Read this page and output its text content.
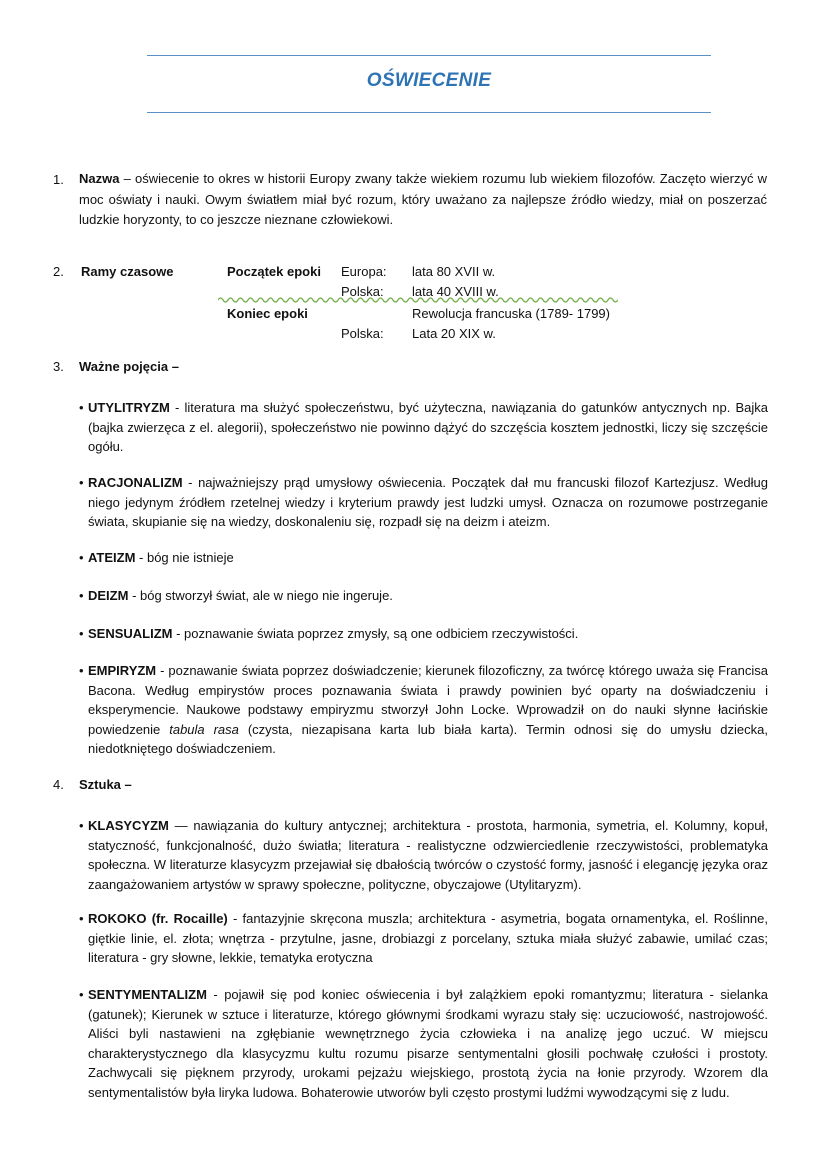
OŚWIECENIE
1. Nazwa – oświecenie to okres w historii Europy zwany także wiekiem rozumu lub wiekiem filozofów. Zaczęto wierzyć w moc oświaty i nauki. Owym światłem miał być rozum, który uważano za najlepsze źródło wiedzy, miał on poszerzać ludzkie horyzonty, to co jeszcze nieznane człowiekowi.
2. Ramy czasowe	Początek epoki Europa: lata 80 XVII w.
Polska: lata 40 XVIII w.
Koniec epoki	Rewolucja francuska (1789- 1799)
Polska: Lata 20 XIX w.
3. Ważne pojęcia –
• UTYLITRYZM - literatura ma służyć społeczeństwu, być użyteczna, nawiązania do gatunków antycznych np. Bajka (bajka zwierzęca z el. alegorii), społeczeństwo nie powinno dążyć do szczęścia kosztem jednostki, liczy się szczęście ogółu.
• RACJONALIZM - najważniejszy prąd umysłowy oświecenia. Początek dał mu francuski filozof Kartezjusz. Według niego jedynym źródłem rzetelnej wiedzy i kryterium prawdy jest ludzki umysł. Oznacza on rozumowe postrzeganie świata, skupianie się na wiedzy, doskonaleniu się, rozpadł się na deizm i ateizm.
• ATEIZM - bóg nie istnieje
• DEIZM - bóg stworzył świat, ale w niego nie ingeruje.
• SENSUALIZM - poznawanie świata poprzez zmysły, są one odbiciem rzeczywistości.
• EMPIRYZM - poznawanie świata poprzez doświadczenie; kierunek filozoficzny, za twórcę którego uważa się Francisa Bacona. Według empirystów proces poznawania świata i prawdy powinien być oparty na doświadczeniu i eksperymencie. Naukowe podstawy empiryzmu stworzył John Locke. Wprowadził on do nauki słynne łacińskie powiedzenie tabula rasa (czysta, niezapisana karta lub biała karta). Termin odnosi się do umysłu dziecka, niedotkniętego doświadczeniem.
4. Sztuka –
• KLASYCYZM — nawiązania do kultury antycznej; architektura - prostota, harmonia, symetria, el. Kolumny, kopuł, statyczność, funkcjonalność, dużo światła; literatura - realistyczne odzwierciedlenie rzeczywistości, problematyka społeczna. W literaturze klasycyzm przejawiał się dbałością twórców o czystość formy, jasność i elegancję języka oraz zaangażowaniem artystów w sprawy społeczne, polityczne, obyczajowe (Utylitaryzm).
• ROKOKO (fr. Rocaille) - fantazyjnie skręcona muszla; architektura - asymetria, bogata ornamentyka, el. Roślinne, giętkie linie, el. złota; wnętrza - przytulne, jasne, drobiazgi z porcelany, sztuka miała służyć zabawie, umilać czas; literatura - gry słowne, lekkie, tematyka erotyczna
• SENTYMENTALIZM - pojawił się pod koniec oświecenia i był zalążkiem epoki romantyzmu; literatura - sielanka (gatunek); Kierunek w sztuce i literaturze, którego głównymi środkami wyrazu stały się: uczuciowość, nastrojowość. Aliści byli nastawieni na zgłębianie wewnętrznego życia człowieka i na analizę jego uczuć. W miejscu charakterystycznego dla klasycyzmu kultu rozumu pisarze sentymentalni głosili pochwałę czułości i prostoty. Zachwycali się pięknem przyrody, urokami pejzażu wiejskiego, prostotą życia na łonie przyrody. Wzorem dla sentymentalistów była liryka ludowa. Bohaterowie utworów byli często prostymi ludźmi wywodzącymi się z ludu.
